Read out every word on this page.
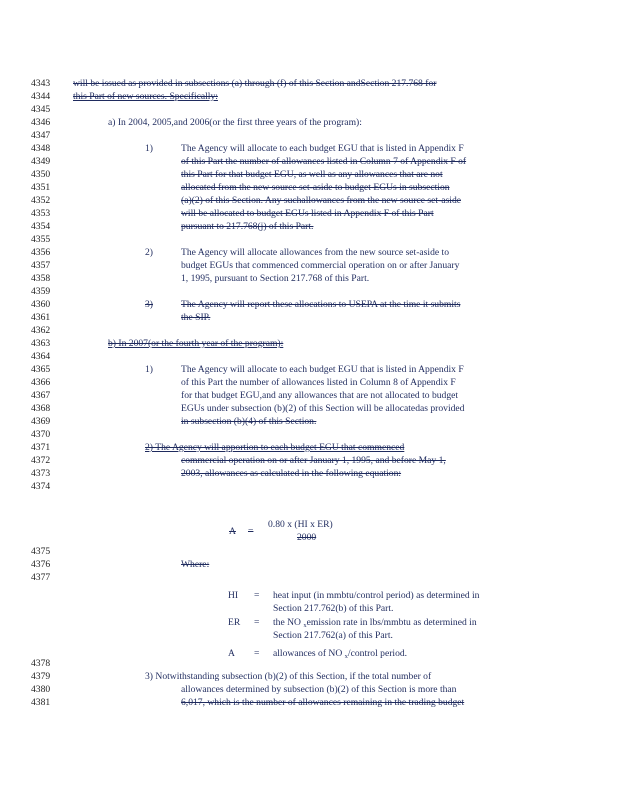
4343	will be issued as provided in subsections (a) through (f) of this Section andSection 217.768 for
4344	this Part of new sources. Specifically:
4345
4346	a) In 2004, 2005,and 2006(or the first three years of the program):
4347
4348	1)	The Agency will allocate to each budget EGU that is listed in Appendix F
4349	of this Part the number of allowances listed in Column 7 of Appendix F of
4350	this Part for that budget EGU, as well as any allowances that are not
4351	allocated from the new source set-aside to budget EGUs in subsection
4352	(a)(2) of this Section. Any suchallowances from the new source set-aside
4353	will be allocated to budget EGUs listed in Appendix F of this Part
4354	pursuant to 217.768(j) of this Part.
4355
4356	2)	The Agency will allocate allowances from the new source set-aside to
4357	budget EGUs that commenced commercial operation on or after January
4358	1, 1995, pursuant to Section 217.768 of this Part.
4359
4360	3)	The Agency will report these allocations to USEPA at the time it submits
4361	the SIP.
4362
4363	b) In 2007(or the fourth year of the program):
4364
4365	1)	The Agency will allocate to each budget EGU that is listed in Appendix F
4366	of this Part the number of allowances listed in Column 8 of Appendix F
4367	for that budget EGU,and any allowances that are not allocated to budget
4368	EGUs under subsection (b)(2) of this Section will be allocatedas provided
4369	in subsection (b)(4) of this Section.
4370
4371	2) The Agency will apportion to each budget EGU that commenced
4372	commercial operation on or after January 1, 1995, and before May 1,
4373	2003, allowances as calculated in the following equation:
4374
4375
4376	Where:
4377
4378
4379	3) Notwithstanding subsection (b)(2) of this Section, if the total number of
4380	allowances determined by subsection (b)(2) of this Section is more than
4381	6,017, which is the number of allowances remaining in the trading budget
A =
0.80 x (HI x ER)
2000
HI = heat input (in mmbtu/control period) as determined in
Section 217.762(b) of this Part.
ER = the NO $_x$emission rate in lbs/mmbtu as determined in
Section 217.762(a) of this Part.
A = allowances of NO $_x$/control period.
